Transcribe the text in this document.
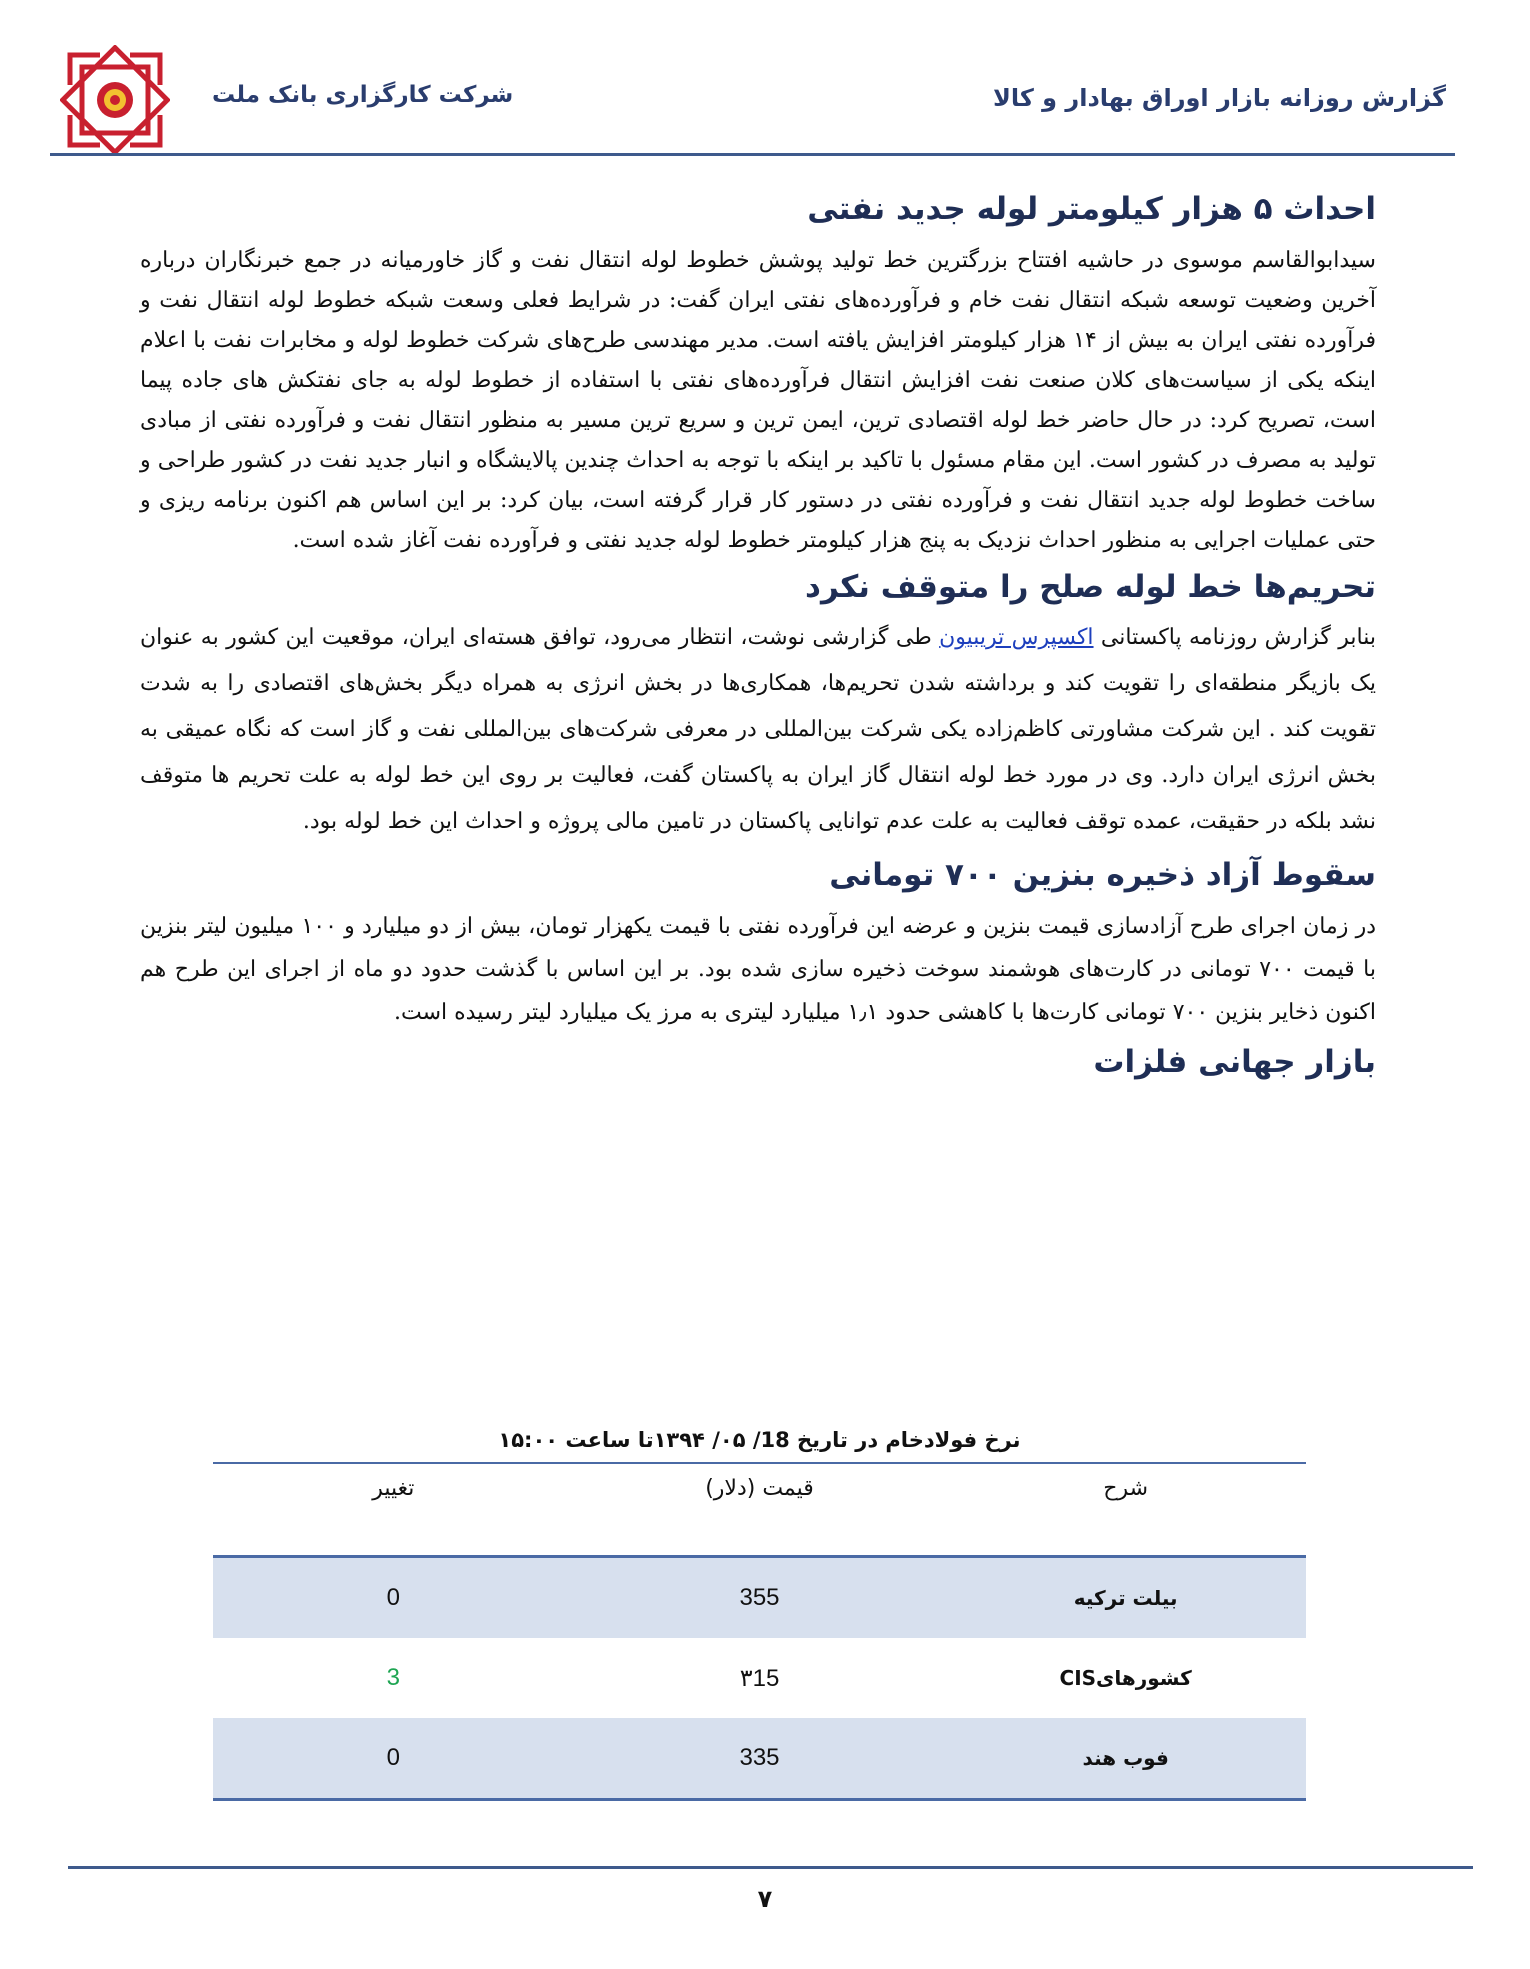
شرکت کارگزاری بانک ملت	گزارش روزانه بازار اوراق بهادار و کالا
احداث ۵ هزار کیلومتر لوله جدید نفتی

سیدابوالقاسم موسوی در حاشیه افتتاح بزرگترین خط تولید پوشش خطوط لوله انتقال نفت و گاز خاورمیانه در جمع خبرنگاران درباره آخرین وضعیت توسعه شبکه انتقال نفت خام و فرآورده‌های نفتی ایران گفت: در شرایط فعلی وسعت شبکه خطوط لوله انتقال نفت و فرآورده نفتی ایران به بیش از ۱۴ هزار کیلومتر افزایش یافته است. مدیر مهندسی طرح‌های شرکت خطوط لوله و مخابرات نفت با اعلام اینکه یکی از سیاست‌های کلان صنعت نفت افزایش انتقال فرآورده‌های نفتی با استفاده از خطوط لوله به جای نفتکش های جاده پیما است، تصریح کرد: در حال حاضر خط لوله اقتصادی ترین، ایمن ترین و سریع ترین مسیر به منظور انتقال نفت و فرآورده نفتی از مبادی تولید به مصرف در کشور است. این مقام مسئول با تاکید بر اینکه با توجه به احداث چندین پالایشگاه و انبار جدید نفت در کشور طراحی و ساخت خطوط لوله جدید انتقال نفت و فرآورده نفتی در دستور کار قرار گرفته است، بیان کرد: بر این اساس هم اکنون برنامه ریزی و حتی عملیات اجرایی به منظور احداث نزدیک به پنج هزار کیلومتر خطوط لوله جدید نفتی و فرآورده نفت آغاز شده است.

تحریم‌ها خط لوله صلح را متوقف نکرد

بنابر گزارش روزنامه پاکستانی اکسپرس تریبیون طی گزارشی نوشت، انتظار می‌رود، توافق هسته‌ای ایران، موقعیت این کشور به عنوان یک بازیگر منطقه‌ای را تقویت کند و برداشته شدن تحریم‌ها، همکاری‌ها در بخش انرژی به همراه دیگر بخش‌های اقتصادی را به شدت تقویت کند . این شرکت مشاورتی کاظم‌زاده یکی شرکت بین‌المللی در معرفی شرکت‌های بین‌المللی نفت و گاز است که نگاه عمیقی به بخش انرژی ایران دارد. وی در مورد خط لوله انتقال گاز ایران به پاکستان گفت، فعالیت بر روی این خط لوله به علت تحریم ها متوقف نشد بلکه در حقیقت، عمده توقف فعالیت به علت عدم توانایی پاکستان در تامین مالی پروژه و احداث این خط لوله بود.

سقوط آزاد ذخیره بنزین ۷۰۰ تومانی

در زمان اجرای طرح آزادسازی قیمت بنزین و عرضه این فرآورده نفتی با قیمت یکهزار تومان، بیش از دو میلیارد و ۱۰۰ میلیون لیتر بنزین با قیمت ۷۰۰ تومانی در کارت‌های هوشمند سوخت ذخیره سازی شده بود. بر این اساس با گذشت حدود دو ماه از اجرای این طرح هم اکنون ذخایر بنزین ۷۰۰ تومانی کارت‌ها با کاهشی حدود ۱٫۱ میلیارد لیتری به مرز یک میلیارد لیتر رسیده است.

بازار جهانی فلزات
نرخ فولادخام در تاریخ 18/ ۰۵/ ۱۳۹۴تا ساعت ۱۵:۰۰
شرح	قیمت (دلار)	تغییر
بیلت ترکیه	355	0
کشورهایCIS	۳15	3
فوب هند	335	0
۷
